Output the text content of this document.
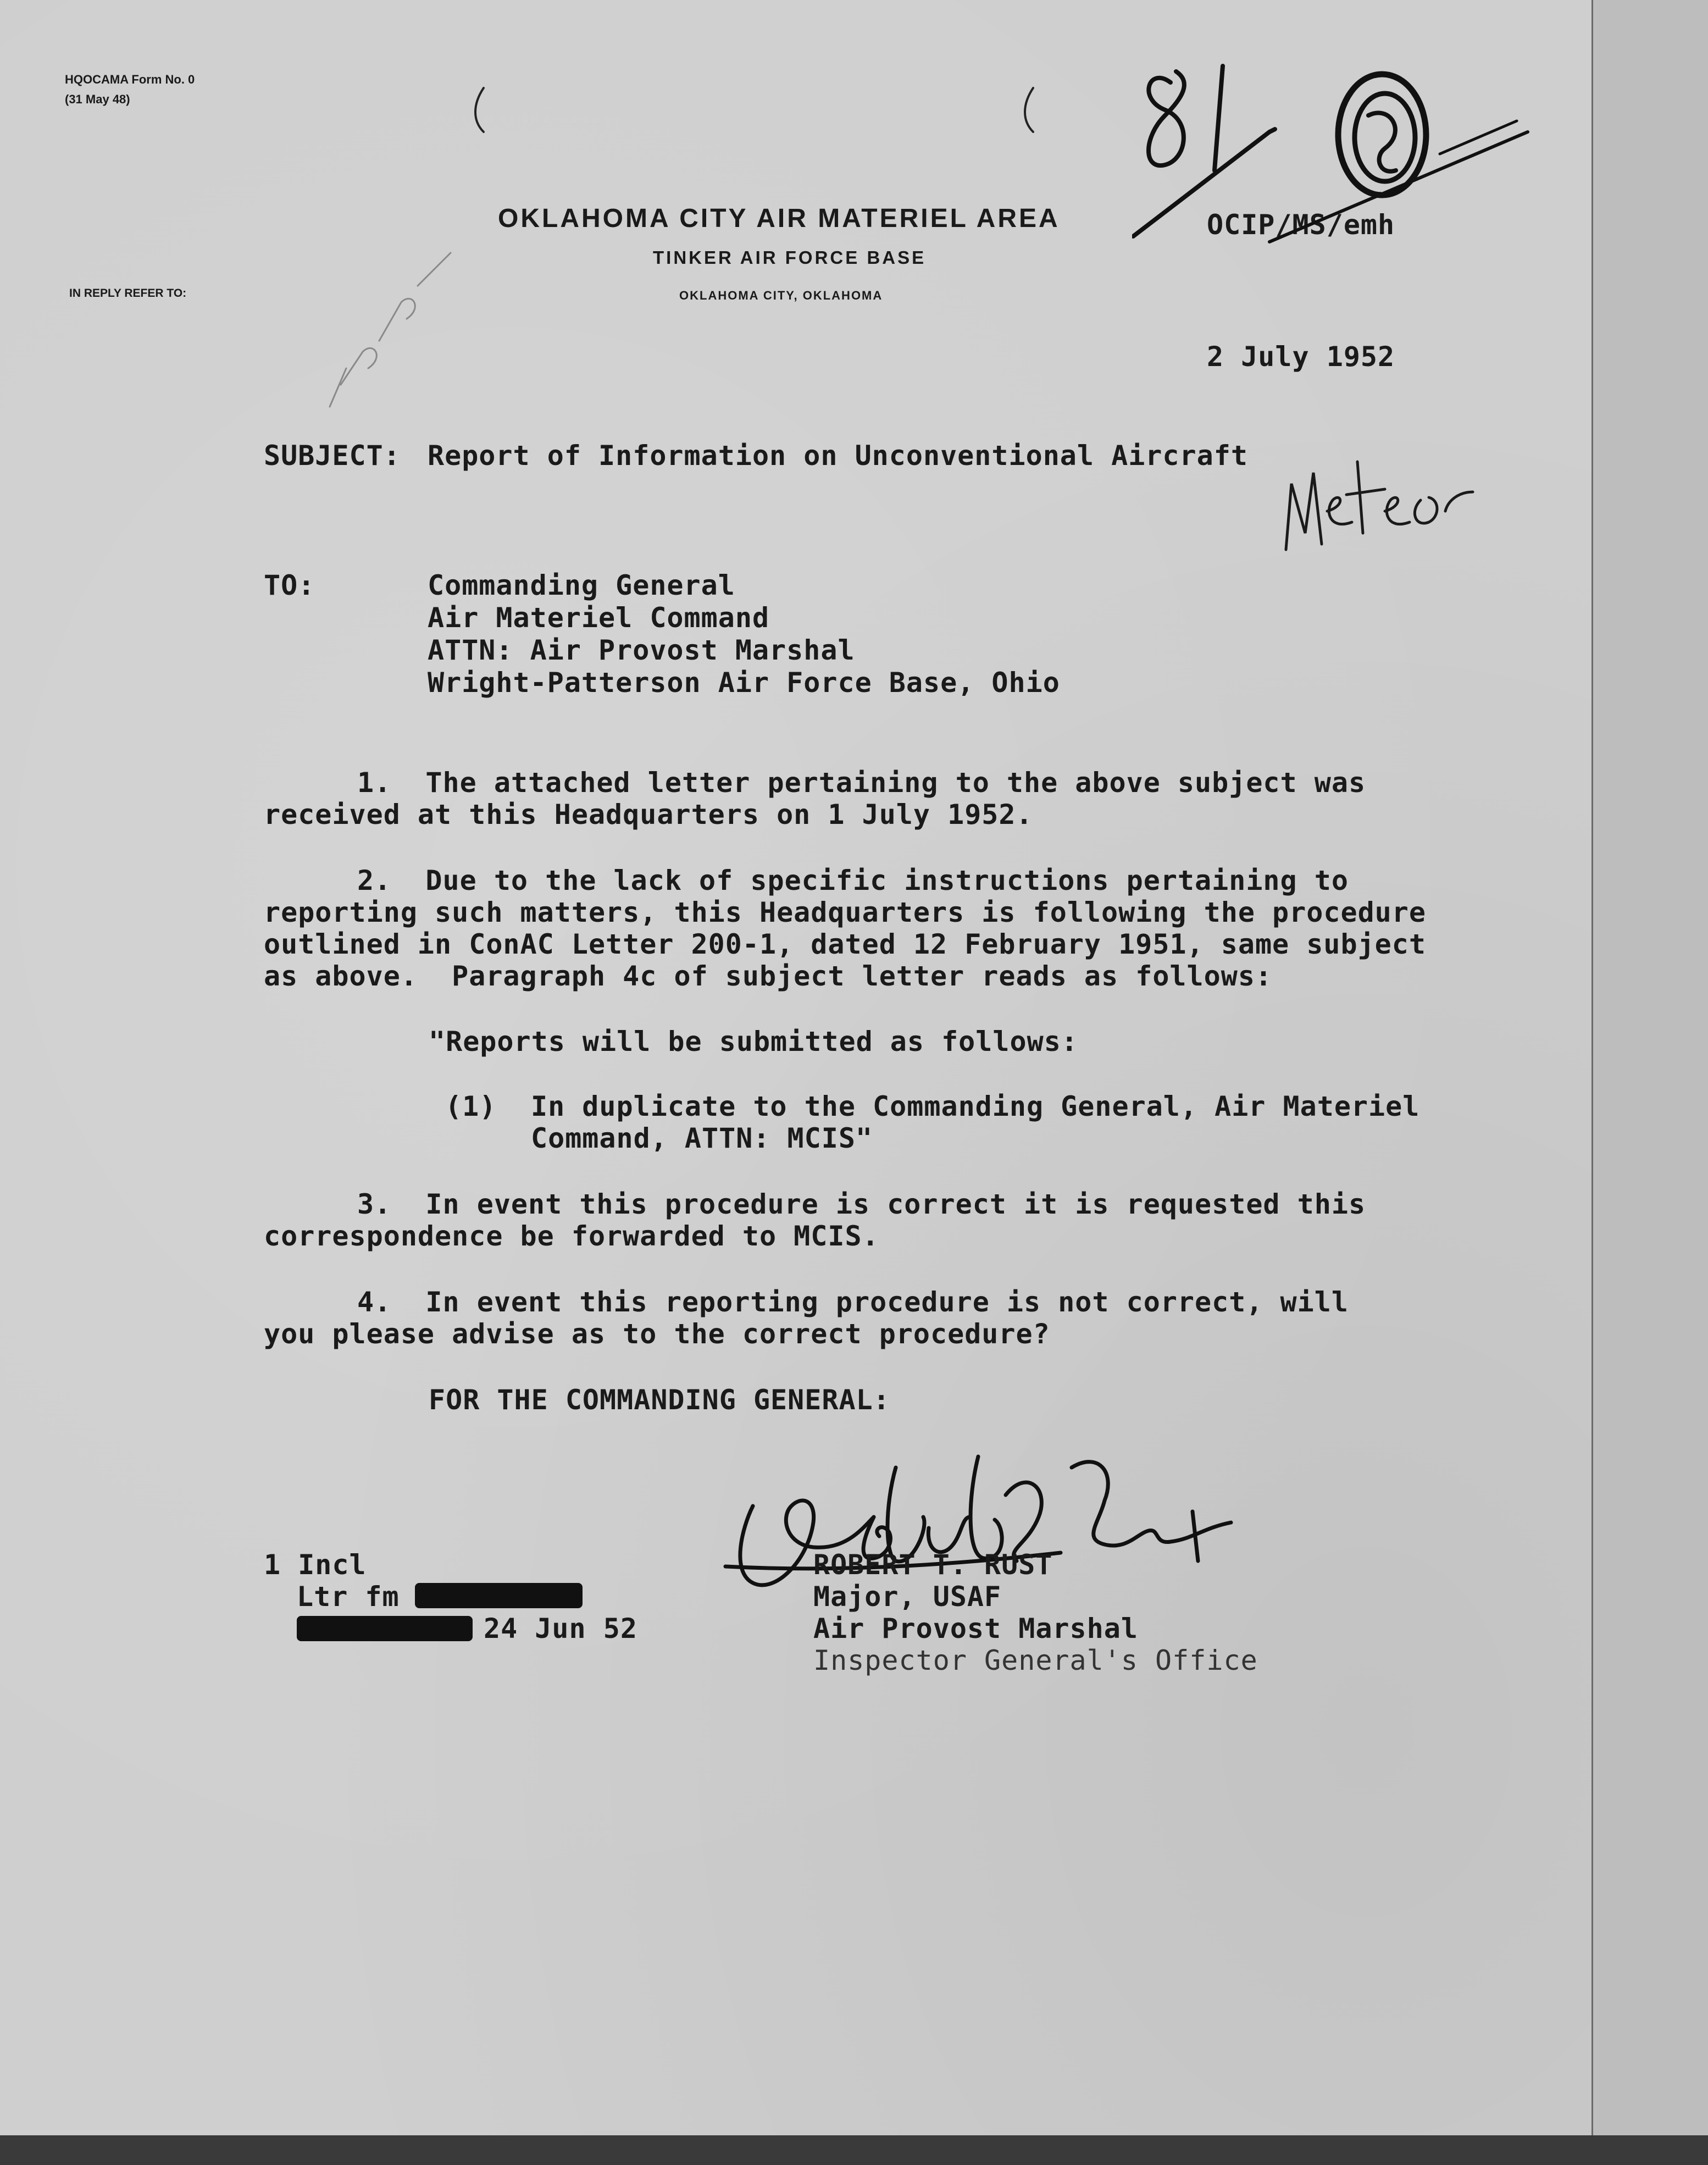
HQOCAMA Form No. 0
(31 May 48)
IN REPLY REFER TO:
OKLAHOMA CITY AIR MATERIEL AREA
TINKER AIR FORCE BASE
OKLAHOMA CITY, OKLAHOMA
OCIP/MS/emh
2 July 1952
SUBJECT: Report of Information on Unconventional Aircraft
TO:	Commanding General
Air Materiel Command
ATTN: Air Provost Marshal
Wright-Patterson Air Force Base, Ohio
1.  The attached letter pertaining to the above subject was
received at this Headquarters on 1 July 1952.
2.  Due to the lack of specific instructions pertaining to
reporting such matters, this Headquarters is following the procedure
outlined in ConAC Letter 200-1, dated 12 February 1951, same subject
as above.  Paragraph 4c of subject letter reads as follows:
"Reports will be submitted as follows:
(1) In duplicate to the Commanding General, Air Materiel
Command, ATTN: MCIS"
3.  In event this procedure is correct it is requested this
correspondence be forwarded to MCIS.
4.  In event this reporting procedure is not correct, will
you please advise as to the correct procedure?
FOR THE COMMANDING GENERAL:
ROBERT T. RUST
Major, USAF
Air Provost Marshal
Inspector General's Office
1 Incl
Ltr fm
24 Jun 52
